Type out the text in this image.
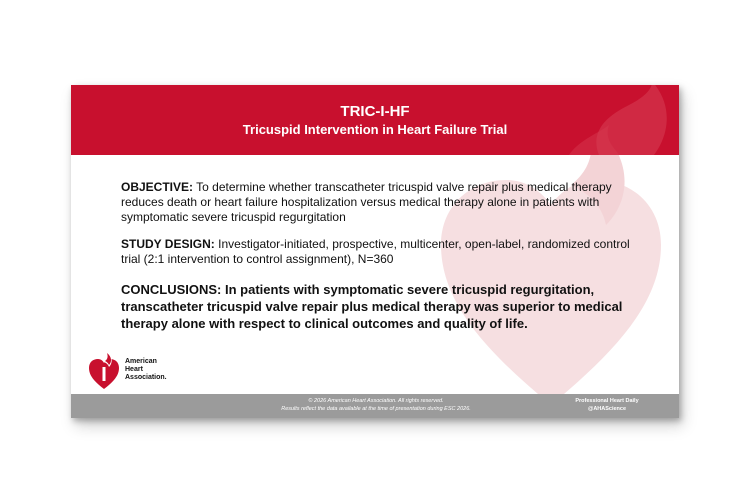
TRIC-I-HF
Tricuspid Intervention in Heart Failure Trial

OBJECTIVE: To determine whether transcatheter tricuspid valve repair plus medical therapy reduces death or heart failure hospitalization versus medical therapy alone in patients with symptomatic severe tricuspid regurgitation

STUDY DESIGN: Investigator-initiated, prospective, multicenter, open-label, randomized control trial (2:1 intervention to control assignment), N=360

CONCLUSIONS: In patients with symptomatic severe tricuspid regurgitation, transcatheter tricuspid valve repair plus medical therapy was superior to medical therapy alone with respect to clinical outcomes and quality of life.

American
Heart
Association.
© 2026 American Heart Association. All rights reserved.
Results reflect the data available at the time of presentation during ESC 2026.
Professional Heart Daily
@AHAScience
